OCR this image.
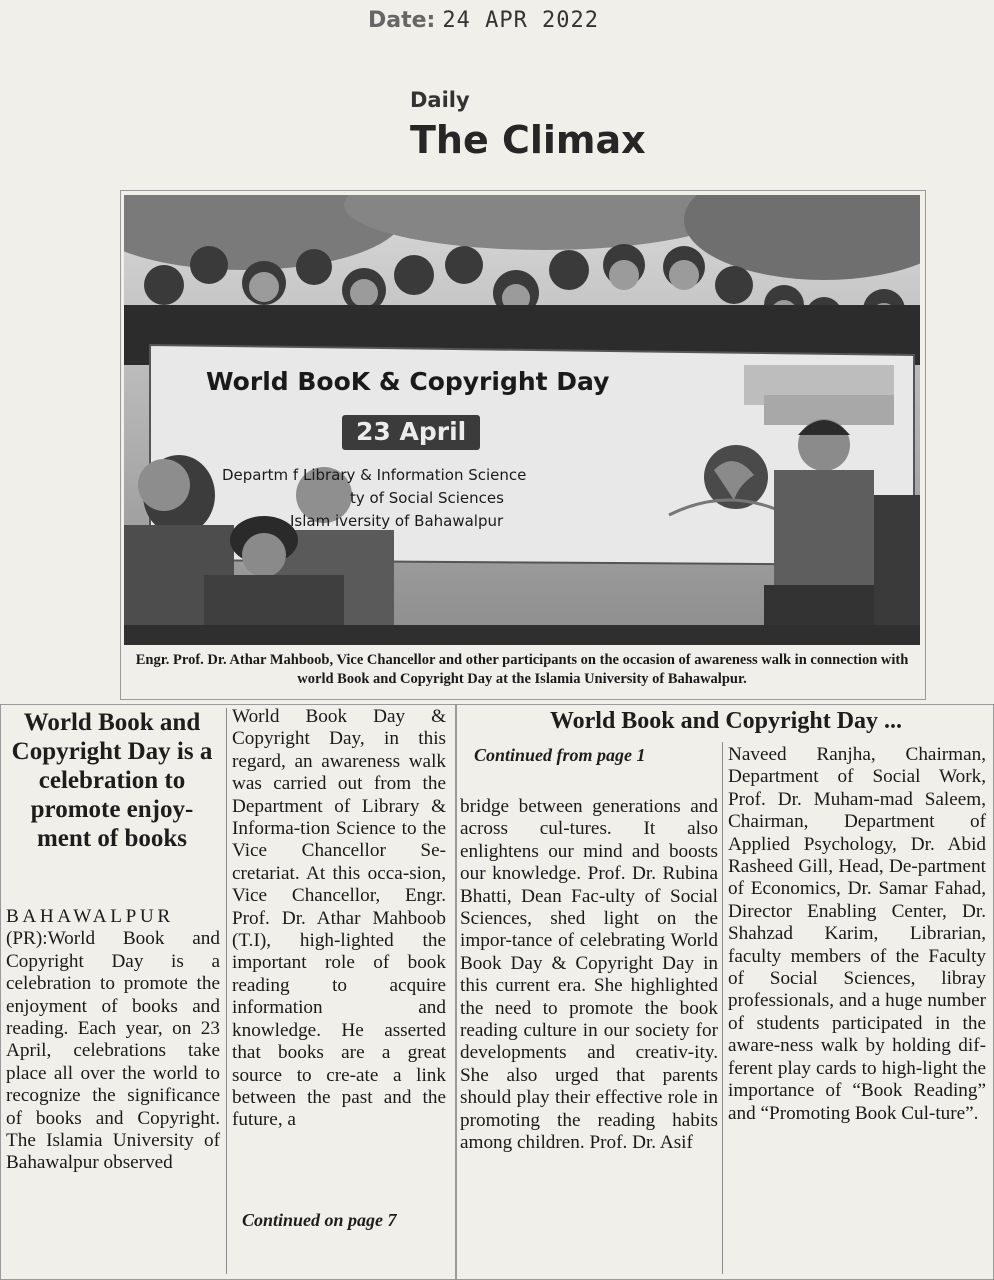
Date: 24 APR 2022
Daily
The Climax
World BooK & Copyright Day
23 April
Departm f Library & Information Science
ty of Social Sciences
Islam iversity of Bahawalpur
Engr. Prof. Dr. Athar Mahboob, Vice Chancellor and other participants on the occasion of awareness walk in connection with world Book and Copyright Day at the Islamia University of Bahawalpur.
World Book and Copyright Day is a celebration to promote enjoy-ment of books

BAHAWALPUR

(PR):World Book and Copyright Day is a celebration to promote the enjoyment of books and reading. Each year, on 23 April, celebrations take place all over the world to recognize the significance of books and Copyright. The Islamia University of Bahawalpur observed

World Book Day & Copyright Day, in this regard, an awareness walk was carried out from the Department of Library & Informa-tion Science to the Vice Chancellor Se-cretariat. At this occa-sion, Vice Chancellor, Engr. Prof. Dr. Athar Mahboob (T.I), high-lighted the important role of book reading to acquire information and knowledge. He asserted that books are a great source to cre-ate a link between the past and the future, a

Continued on page 7
World Book and Copyright Day ...
Continued from page 1

bridge between generations and across cul-tures. It also enlightens our mind and boosts our knowledge. Prof. Dr. Rubina Bhatti, Dean Fac-ulty of Social Sciences, shed light on the impor-tance of celebrating World Book Day & Copyright Day in this current era. She highlighted the need to promote the book reading culture in our society for developments and creativ-ity. She also urged that parents should play their effective role in promoting the reading habits among children. Prof. Dr. Asif

Naveed Ranjha, Chairman, Department of Social Work, Prof. Dr. Muham-mad Saleem, Chairman, Department of Applied Psychology, Dr. Abid Rasheed Gill, Head, De-partment of Economics, Dr. Samar Fahad, Director Enabling Center, Dr. Shahzad Karim, Librarian, faculty members of the Faculty of Social Sciences, libray professionals, and a huge number of students participated in the aware-ness walk by holding dif-ferent play cards to high-light the importance of “Book Reading” and “Promoting Book Cul-ture”.
